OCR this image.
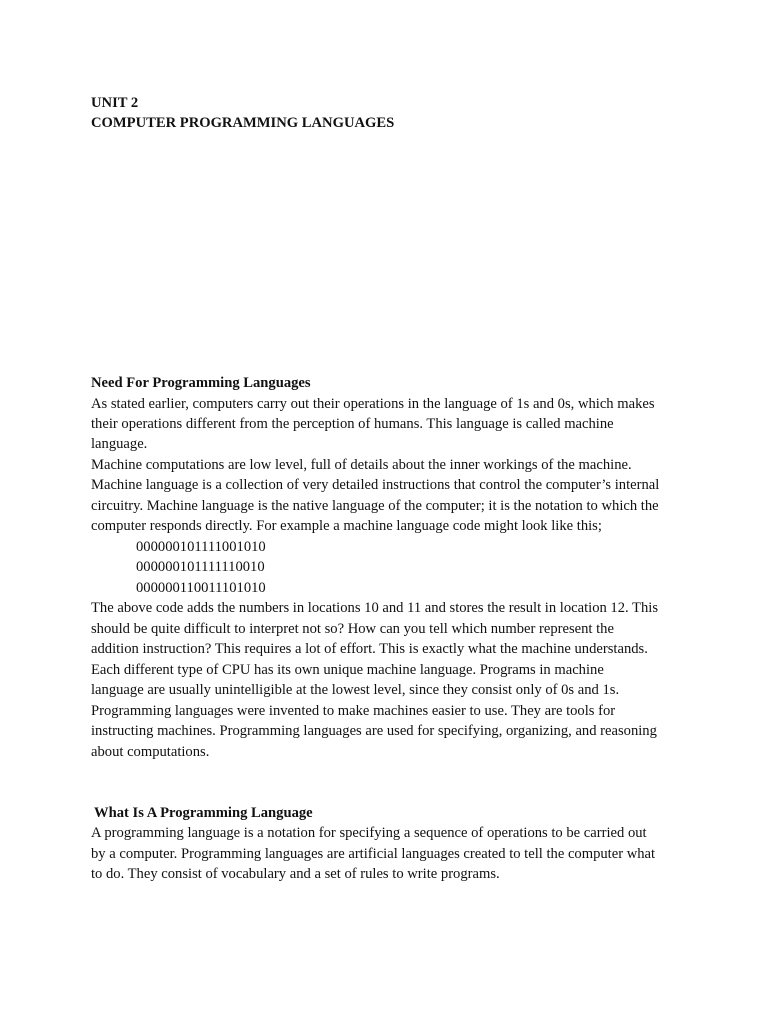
UNIT 2
COMPUTER PROGRAMMING LANGUAGES
Need For Programming Languages
As stated earlier, computers carry out their operations in the language of 1s and 0s, which makes
their operations different from the perception of humans. This language is called machine
language.
Machine computations are low level, full of details about the inner workings of the machine.
Machine language is a collection of very detailed instructions that control the computer’s internal
circuitry. Machine language is the native language of the computer; it is the notation to which the
computer responds directly. For example a machine language code might look like this;
000000101111001010
000000101111110010
000000110011101010
The above code adds the numbers in locations 10 and 11 and stores the result in location 12. This
should be quite difficult to interpret not so? How can you tell which number represent the
addition instruction? This requires a lot of effort. This is exactly what the machine understands.
Each different type of CPU has its own unique machine language. Programs in machine
language are usually unintelligible at the lowest level, since they consist only of 0s and 1s.
Programming languages were invented to make machines easier to use. They are tools for
instructing machines. Programming languages are used for specifying, organizing, and reasoning
about computations.
What Is A Programming Language
A programming language is a notation for specifying a sequence of operations to be carried out
by a computer. Programming languages are artificial languages created to tell the computer what
to do. They consist of vocabulary and a set of rules to write programs.
